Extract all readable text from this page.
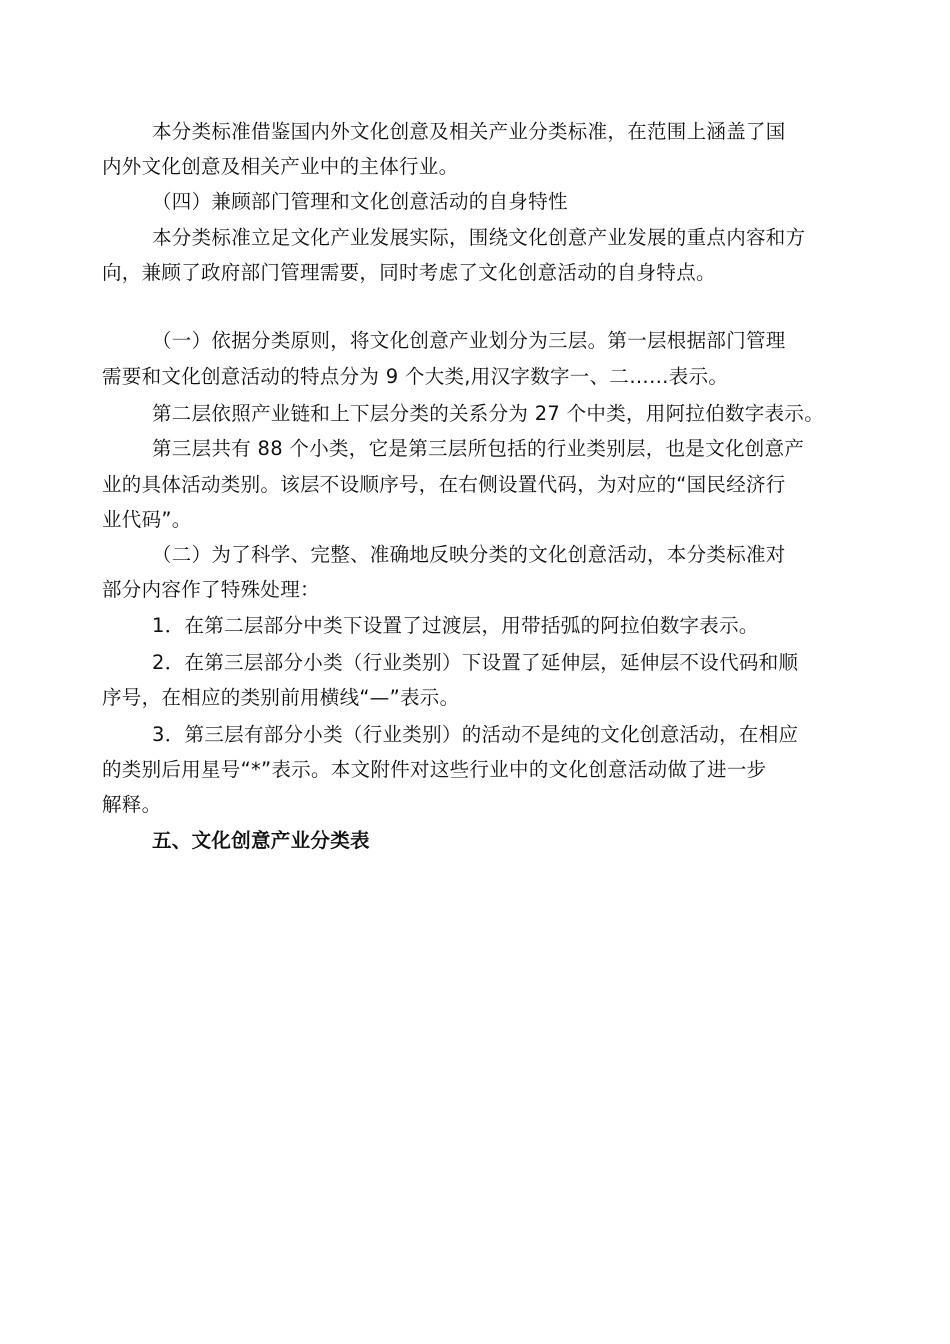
本分类标准借鉴国内外文化创意及相关产业分类标准，在范围上涵盖了国
内外文化创意及相关产业中的主体行业。
（四）兼顾部门管理和文化创意活动的自身特性
本分类标准立足文化产业发展实际，围绕文化创意产业发展的重点内容和方
向，兼顾了政府部门管理需要，同时考虑了文化创意活动的自身特点。
（一）依据分类原则，将文化创意产业划分为三层。第一层根据部门管理
需要和文化创意活动的特点分为 9 个大类,用汉字数字一、二……表示。
第二层依照产业链和上下层分类的关系分为 27 个中类，用阿拉伯数字表示。
第三层共有 88 个小类，它是第三层所包括的行业类别层，也是文化创意产
业的具体活动类别。该层不设顺序号，在右侧设置代码，为对应的“国民经济行
业代码”。
（二）为了科学、完整、准确地反映分类的文化创意活动，本分类标准对
部分内容作了特殊处理：
1．在第二层部分中类下设置了过渡层，用带括弧的阿拉伯数字表示。
2．在第三层部分小类（行业类别）下设置了延伸层，延伸层不设代码和顺
序号，在相应的类别前用横线“—”表示。
3．第三层有部分小类（行业类别）的活动不是纯的文化创意活动，在相应
的类别后用星号“*”表示。本文附件对这些行业中的文化创意活动做了进一步
解释。
五、文化创意产业分类表
